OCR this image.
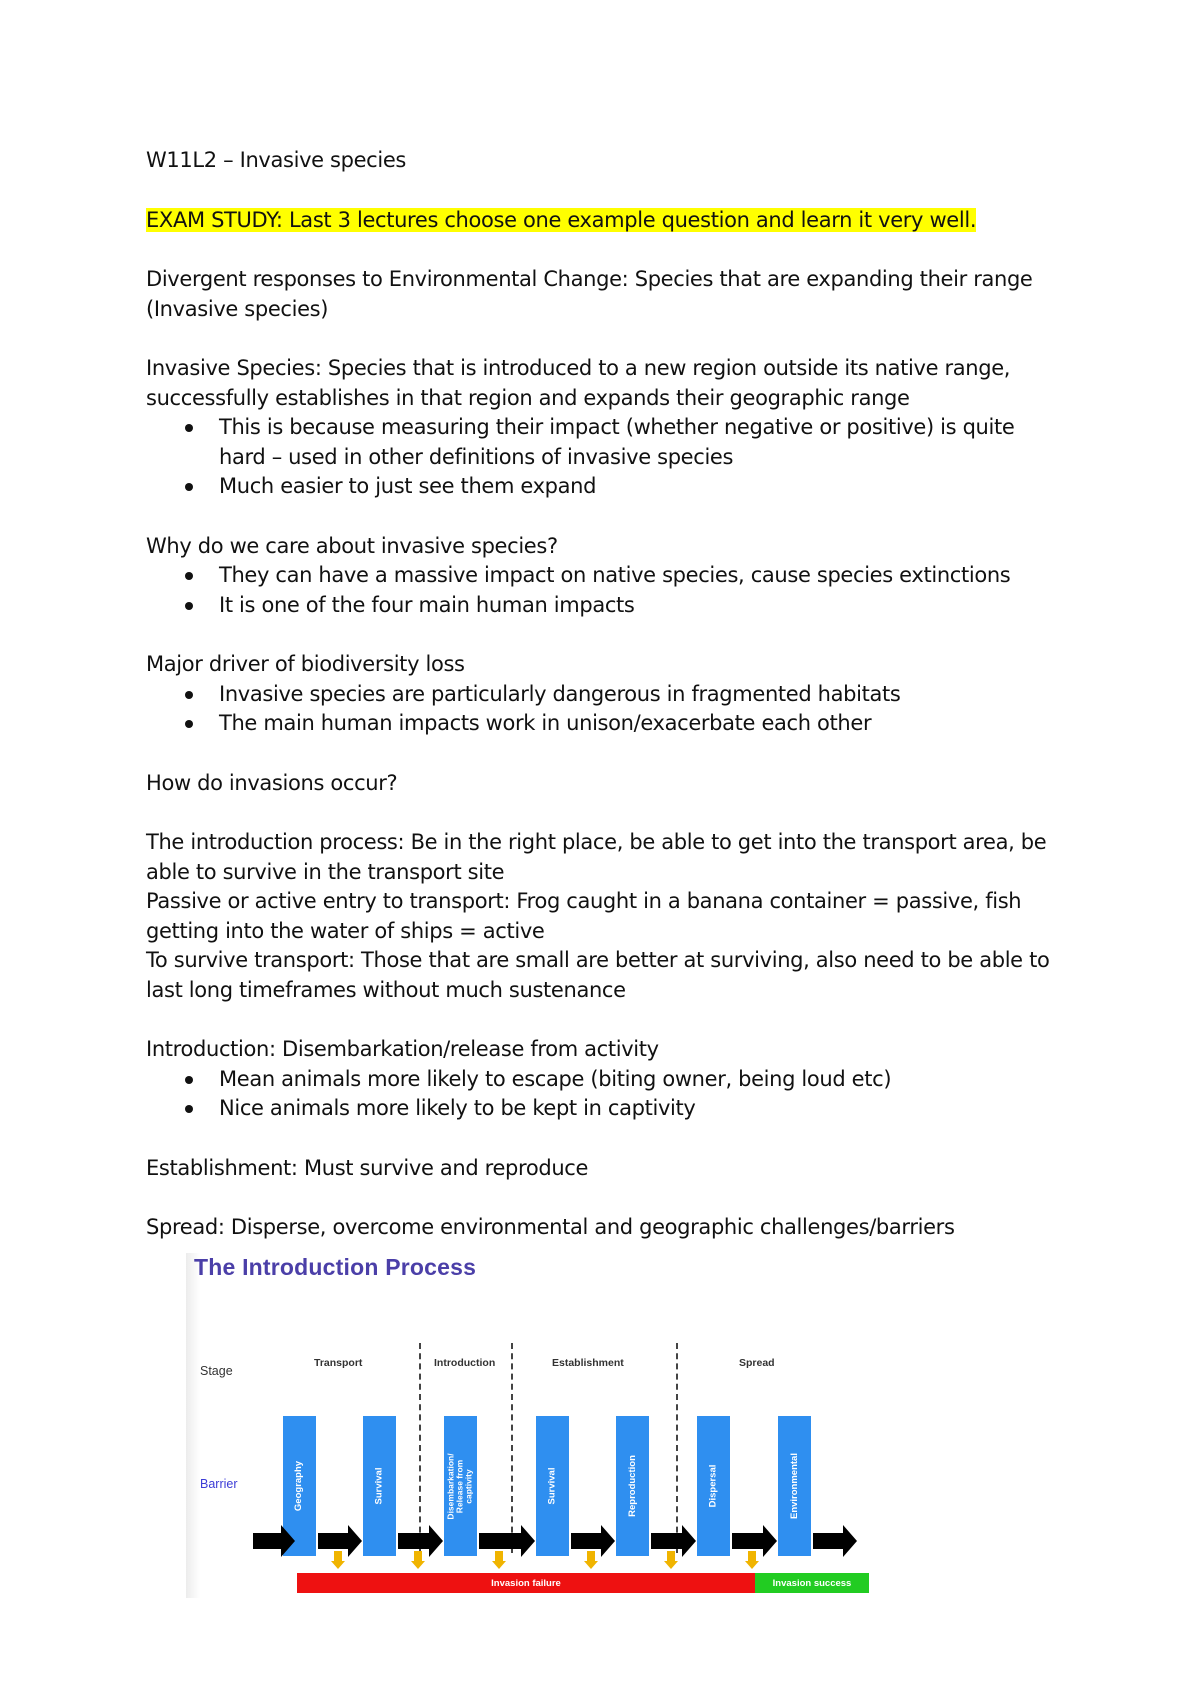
W11L2 – Invasive species

EXAM STUDY: Last 3 lectures choose one example question and learn it very well.

Divergent responses to Environmental Change: Species that are expanding their range (Invasive species)

Invasive Species: Species that is introduced to a new region outside its native range, successfully establishes in that region and expands their geographic range

This is because measuring their impact (whether negative or positive) is quite hard – used in other definitions of invasive species
Much easier to just see them expand

Why do we care about invasive species?

They can have a massive impact on native species, cause species extinctions
It is one of the four main human impacts

Major driver of biodiversity loss

Invasive species are particularly dangerous in fragmented habitats
The main human impacts work in unison/exacerbate each other

How do invasions occur?

The introduction process: Be in the right place, be able to get into the transport area, be able to survive in the transport site

Passive or active entry to transport: Frog caught in a banana container = passive, fish getting into the water of ships = active

To survive transport: Those that are small are better at surviving, also need to be able to last long timeframes without much sustenance

Introduction: Disembarkation/release from activity

Mean animals more likely to escape (biting owner, being loud etc)
Nice animals more likely to be kept in captivity

Establishment: Must survive and reproduce

Spread: Disperse, overcome environmental and geographic challenges/barriers

The Introduction Process
Stage
Barrier
Transport	Introduction	Establishment	Spread
Geography	Survival	Disembarkation/ Release from captivity	Survival	Reproduction	Dispersal	Environmental
Invasion failure	Invasion success
